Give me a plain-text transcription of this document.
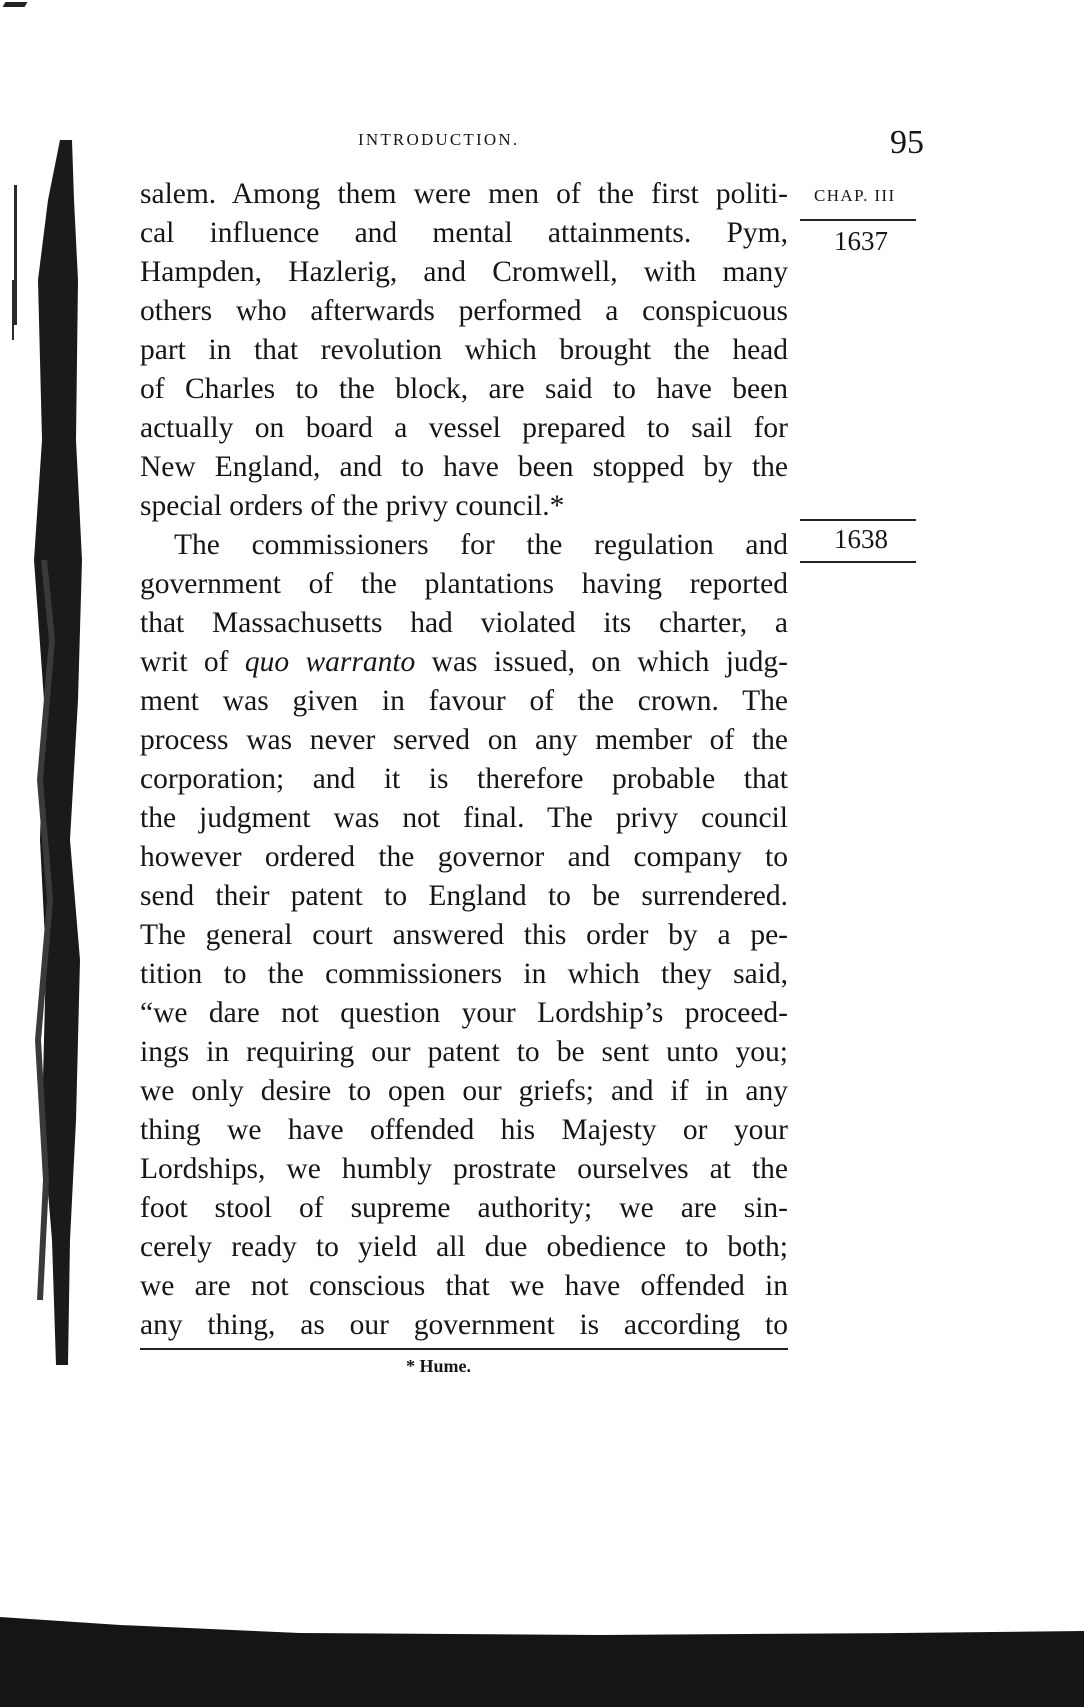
INTRODUCTION.	95
CHAP. III
1637
1638
salem. Among them were men of the first politi-
cal influence and mental attainments. Pym,
Hampden, Hazlerig, and Cromwell, with many
others who afterwards performed a conspicuous
part in that revolution which brought the head
of Charles to the block, are said to have been
actually on board a vessel prepared to sail for
New England, and to have been stopped by the
special orders of the privy council.*
The commissioners for the regulation and
government of the plantations having reported
that Massachusetts had violated its charter, a
writ of quo warranto was issued, on which judg-
ment was given in favour of the crown. The
process was never served on any member of the
corporation; and it is therefore probable that
the judgment was not final. The privy council
however ordered the governor and company to
send their patent to England to be surrendered.
The general court answered this order by a pe-
tition to the commissioners in which they said,
“we dare not question your Lordship’s proceed-
ings in requiring our patent to be sent unto you;
we only desire to open our griefs; and if in any
thing we have offended his Majesty or your
Lordships, we humbly prostrate ourselves at the
foot stool of supreme authority; we are sin-
cerely ready to yield all due obedience to both;
we are not conscious that we have offended in
any thing, as our government is according to
* Hume.
